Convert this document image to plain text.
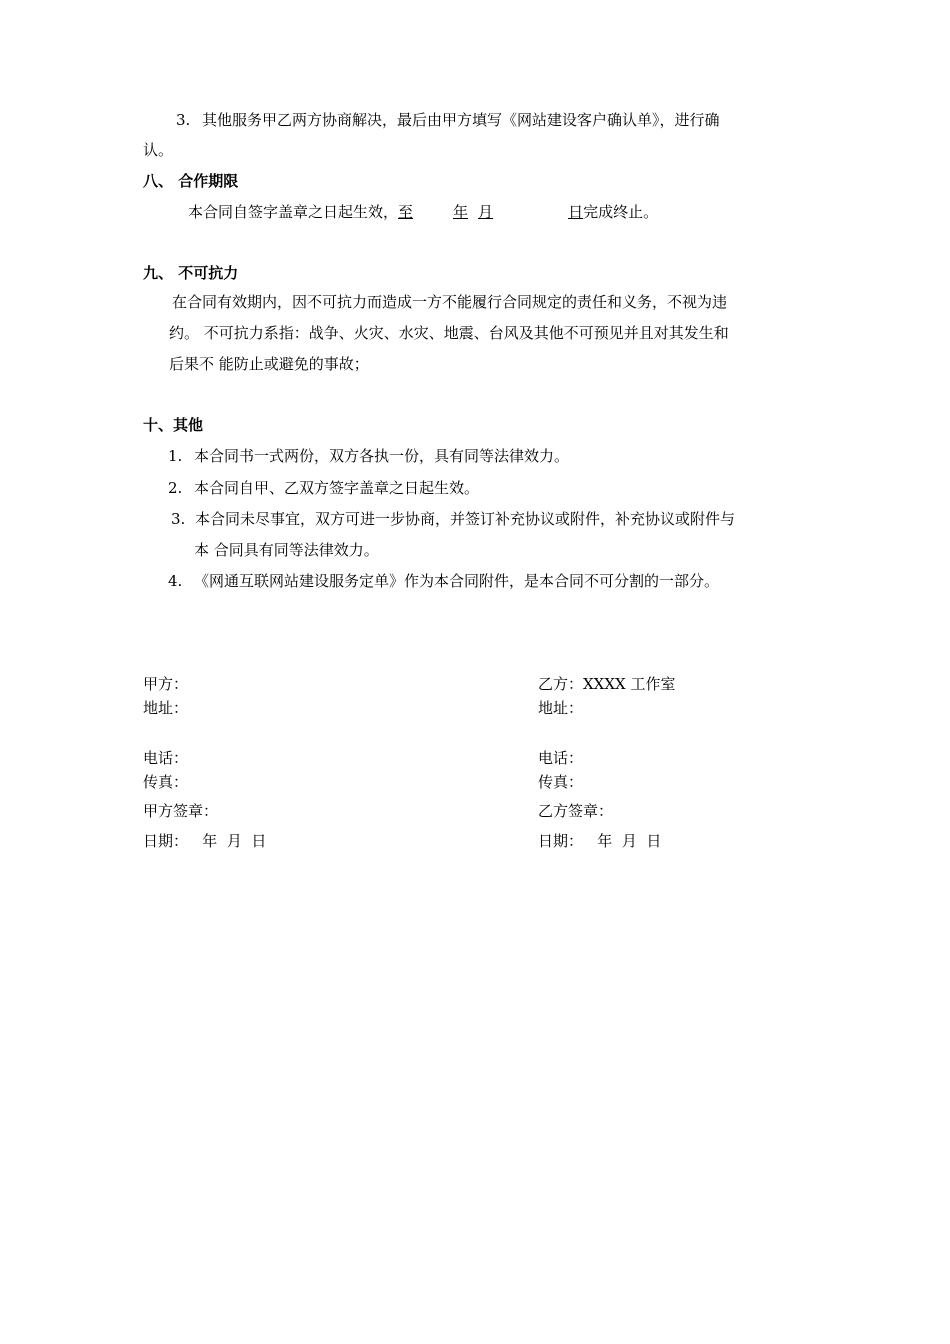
3. 其他服务甲乙两方协商解决，最后由甲方填写《网站建设客户确认单》，进行确
认。
八、 合作期限
本合同自签字盖章之日起生效，至	年 月	日完成终止。
九、 不可抗力
在合同有效期内，因不可抗力而造成一方不能履行合同规定的责任和义务，不视为违
约。 不可抗力系指：战争、火灾、水灾、地震、台风及其他不可预见并且对其发生和
后果不 能防止或避免的事故；
十、其他
1. 本合同书一式两份，双方各执一份，具有同等法律效力。
2. 本合同自甲、乙双方签字盖章之日起生效。
3. 本合同未尽事宜，双方可进一步协商，并签订补充协议或附件，补充协议或附件与
本 合同具有同等法律效力。
4. 《网通互联网站建设服务定单》作为本合同附件，是本合同不可分割的一部分。
甲方：
地址：
电话：
传真：
甲方签章：
日期：   年  月  日
乙方：XXXX 工作室
地址：
电话：
传真：
乙方签章：
日期：   年  月  日
